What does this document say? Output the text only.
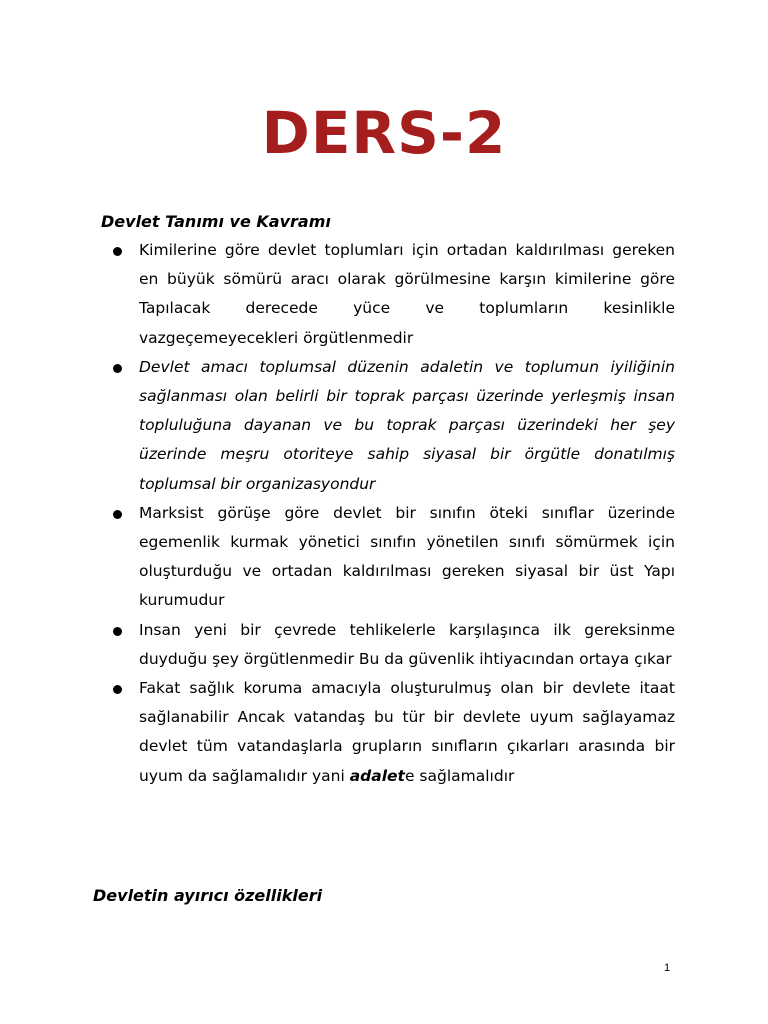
DERS-2
Devlet Tanımı ve Kavramı
Kimilerine göre devlet toplumları için ortadan kaldırılması gereken en büyük sömürü aracı olarak görülmesine karşın kimilerine göre Tapılacak derecede yüce ve toplumların kesinlikle vazgeçemeyecekleri örgütlenmedir
Devlet amacı toplumsal düzenin adaletin ve toplumun iyiliğinin sağlanması olan belirli bir toprak parçası üzerinde yerleşmiş insan topluluğuna dayanan ve bu toprak parçası üzerindeki her şey üzerinde meşru otoriteye sahip siyasal bir örgütle donatılmış toplumsal bir organizasyondur
Marksist görüşe göre devlet bir sınıfın öteki sınıflar üzerinde egemenlik kurmak yönetici sınıfın yönetilen sınıfı sömürmek için oluşturduğu ve ortadan kaldırılması gereken siyasal bir üst Yapı kurumudur
Insan yeni bir çevrede tehlikelerle karşılaşınca ilk gereksinme duyduğu şey örgütlenmedir Bu da güvenlik ihtiyacından ortaya çıkar
Fakat sağlık koruma amacıyla oluşturulmuş olan bir devlete itaat sağlanabilir Ancak vatandaş bu tür bir devlete uyum sağlayamaz devlet tüm vatandaşlarla grupların sınıfların çıkarları arasında bir uyum da sağlamalıdır yani adalete sağlamalıdır
Devletin ayırıcı özellikleri
1
